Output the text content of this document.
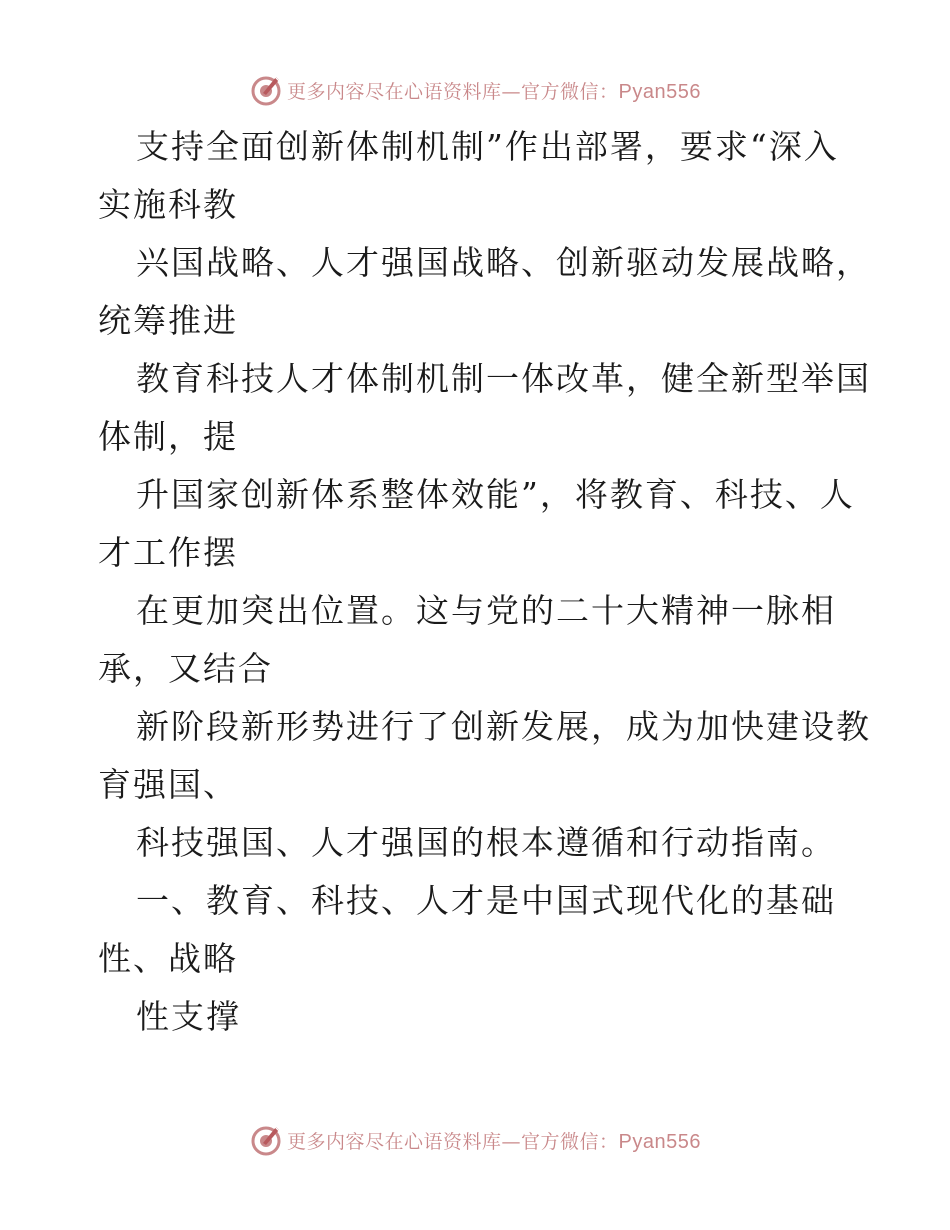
更多内容尽在心语资料库—官方微信：Pyan556
支持全面创新体制机制”作出部署，要求“深入
实施科教
兴国战略、人才强国战略、创新驱动发展战略，
统筹推进
教育科技人才体制机制一体改革，健全新型举国
体制，提
升国家创新体系整体效能”，将教育、科技、人
才工作摆
在更加突出位置。这与党的二十大精神一脉相
承，又结合
新阶段新形势进行了创新发展，成为加快建设教
育强国、
科技强国、人才强国的根本遵循和行动指南。
一、教育、科技、人才是中国式现代化的基础
性、战略
性支撑
更多内容尽在心语资料库—官方微信：Pyan556
